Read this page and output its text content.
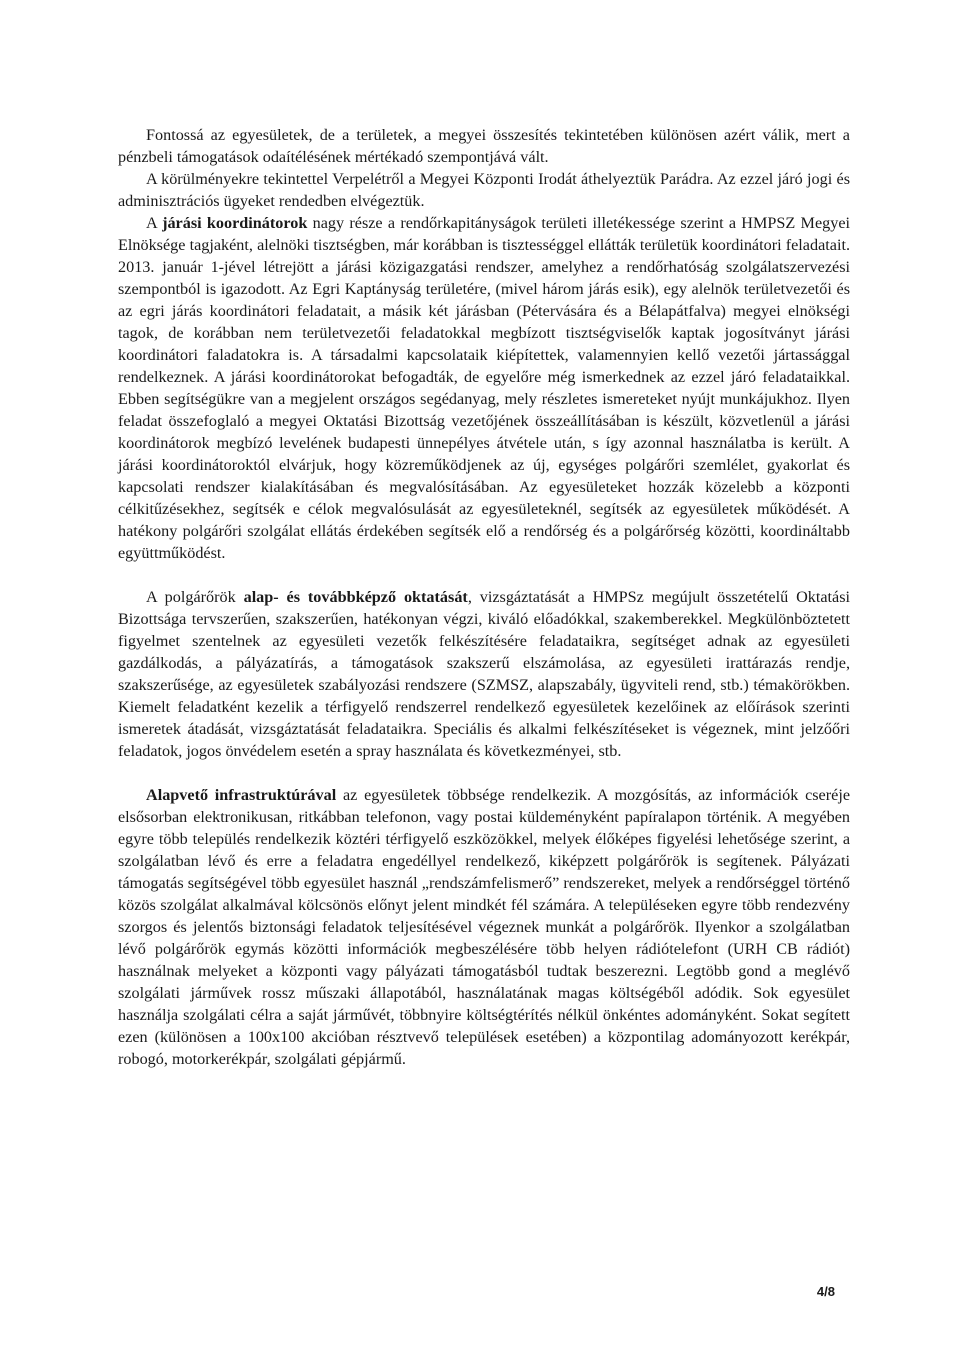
Fontossá az egyesületek, de a területek, a megyei összesítés tekintetében különösen azért válik, mert a pénzbeli támogatások odaítélésének mértékadó szempontjává vált.

A körülményekre tekintettel Verpelétről a Megyei Központi Irodát áthelyeztük Parádra. Az ezzel járó jogi és adminisztrációs ügyeket rendedben elvégeztük.

A járási koordinátorok nagy része a rendőrkapitányságok területi illetékessége szerint a HMPSZ Megyei Elnöksége tagjaként, alelnöki tisztségben, már korábban is tisztességgel ellátták területük koordinátori feladatait. 2013. január 1-jével létrejött a járási közigazgatási rendszer, amelyhez a rendőrhatóság szolgálatszervezési szempontból is igazodott. Az Egri Kaptányság területére, (mivel három járás esik), egy alelnök területvezetői és az egri járás koordinátori feladatait, a másik két járásban (Pétervására és a Bélapátfalva) megyei elnökségi tagok, de korábban nem területvezetői feladatokkal megbízott tisztségviselők kaptak jogosítványt járási koordinátori faladatokra is. A társadalmi kapcsolataik kiépítettek, valamennyien kellő vezetői jártassággal rendelkeznek. A járási koordinátorokat befogadták, de egyelőre még ismerkednek az ezzel járó feladataikkal. Ebben segítségükre van a megjelent országos segédanyag, mely részletes ismereteket nyújt munkájukhoz. Ilyen feladat összefoglaló a megyei Oktatási Bizottság vezetőjének összeállításában is készült, közvetlenül a járási koordinátorok megbízó levelének budapesti ünnepélyes átvétele után, s így azonnal használatba is került. A járási koordinátoroktól elvárjuk, hogy közreműködjenek az új, egységes polgárőri szemlélet, gyakorlat és kapcsolati rendszer kialakításában és megvalósításában. Az egyesületeket hozzák közelebb a központi célkitűzésekhez, segítsék e célok megvalósulását az egyesületeknél, segítsék az egyesületek működését. A hatékony polgárőri szolgálat ellátás érdekében segítsék elő a rendőrség és a polgárőrség közötti, koordináltabb együttműködést.

A polgárőrök alap- és továbbképző oktatását, vizsgáztatását a HMPSz megújult összetételű Oktatási Bizottsága tervszerűen, szakszerűen, hatékonyan végzi, kiváló előadókkal, szakemberekkel. Megkülönböztetett figyelmet szentelnek az egyesületi vezetők felkészítésére feladataikra, segítséget adnak az egyesületi gazdálkodás, a pályázatírás, a támogatások szakszerű elszámolása, az egyesületi irattárazás rendje, szakszerűsége, az egyesületek szabályozási rendszere (SZMSZ, alapszabály, ügyviteli rend, stb.) témakörökben. Kiemelt feladatként kezelik a térfigyelő rendszerrel rendelkező egyesületek kezelőinek az előírások szerinti ismeretek átadását, vizsgáztatását feladataikra. Speciális és alkalmi felkészítéseket is végeznek, mint jelzőőri feladatok, jogos önvédelem esetén a spray használata és következményei, stb.

Alapvető infrastruktúrával az egyesületek többsége rendelkezik. A mozgósítás, az információk cseréje elsősorban elektronikusan, ritkábban telefonon, vagy postai küldeményként papíralapon történik. A megyében egyre több település rendelkezik köztéri térfigyelő eszközökkel, melyek élőképes figyelési lehetősége szerint, a szolgálatban lévő és erre a feladatra engedéllyel rendelkező, kiképzett polgárőrök is segítenek. Pályázati támogatás segítségével több egyesület használ „rendszámfelismerő” rendszereket, melyek a rendőrséggel történő közös szolgálat alkalmával kölcsönös előnyt jelent mindkét fél számára. A településeken egyre több rendezvény szorgos és jelentős biztonsági feladatok teljesítésével végeznek munkát a polgárőrök. Ilyenkor a szolgálatban lévő polgárőrök egymás közötti információk megbeszélésére több helyen rádiótelefont (URH CB rádiót) használnak melyeket a központi vagy pályázati támogatásból tudtak beszerezni. Legtöbb gond a meglévő szolgálati járművek rossz műszaki állapotából, használatának magas költségéből adódik. Sok egyesület használja szolgálati célra a saját járművét, többnyire költségtérítés nélkül önkéntes adományként. Sokat segített ezen (különösen a 100x100 akcióban résztvevő települések esetében) a központilag adományozott kerékpár, robogó, motorkerékpár, szolgálati gépjármű.

4/8
